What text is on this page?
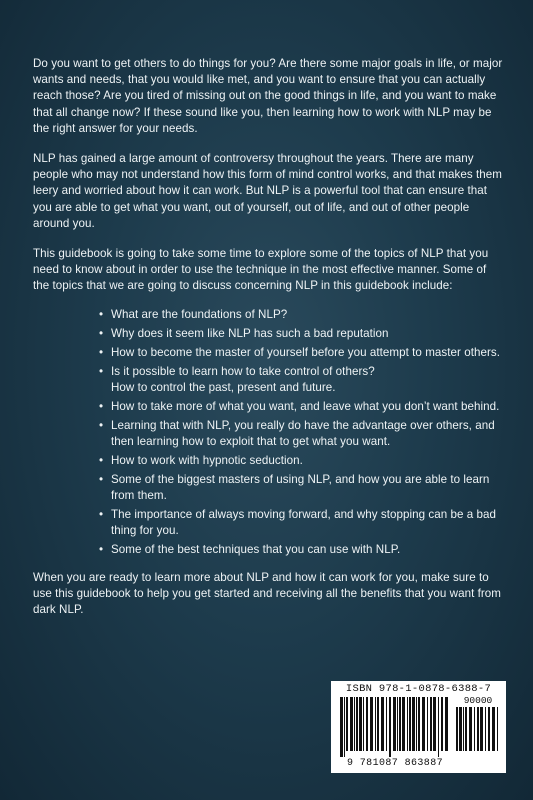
Do you want to get others to do things for you? Are there some major goals in life, or major wants and needs, that you would like met, and you want to ensure that you can actually reach those? Are you tired of missing out on the good things in life, and you want to make that all change now? If these sound like you, then learning how to work with NLP may be the right answer for your needs.

NLP has gained a large amount of controversy throughout the years. There are many people who may not understand how this form of mind control works, and that makes them leery and worried about how it can work. But NLP is a powerful tool that can ensure that you are able to get what you want, out of yourself, out of life, and out of other people around you.

This guidebook is going to take some time to explore some of the topics of NLP that you need to know about in order to use the technique in the most effective manner. Some of the topics that we are going to discuss concerning NLP in this guidebook include:

• What are the foundations of NLP?
• Why does it seem like NLP has such a bad reputation
• How to become the master of yourself before you attempt to master others.
• Is it possible to learn how to take control of others?
How to control the past, present and future.
• How to take more of what you want, and leave what you don’t want behind.
• Learning that with NLP, you really do have the advantage over others, and then learning how to exploit that to get what you want.
• How to work with hypnotic seduction.
• Some of the biggest masters of using NLP, and how you are able to learn from them.
• The importance of always moving forward, and why stopping can be a bad thing for you.
• Some of the best techniques that you can use with NLP.

When you are ready to learn more about NLP and how it can work for you, make sure to use this guidebook to help you get started and receiving all the benefits that you want from dark NLP.

ISBN 978-1-0878-6388-7
90000
9 781087 863887
